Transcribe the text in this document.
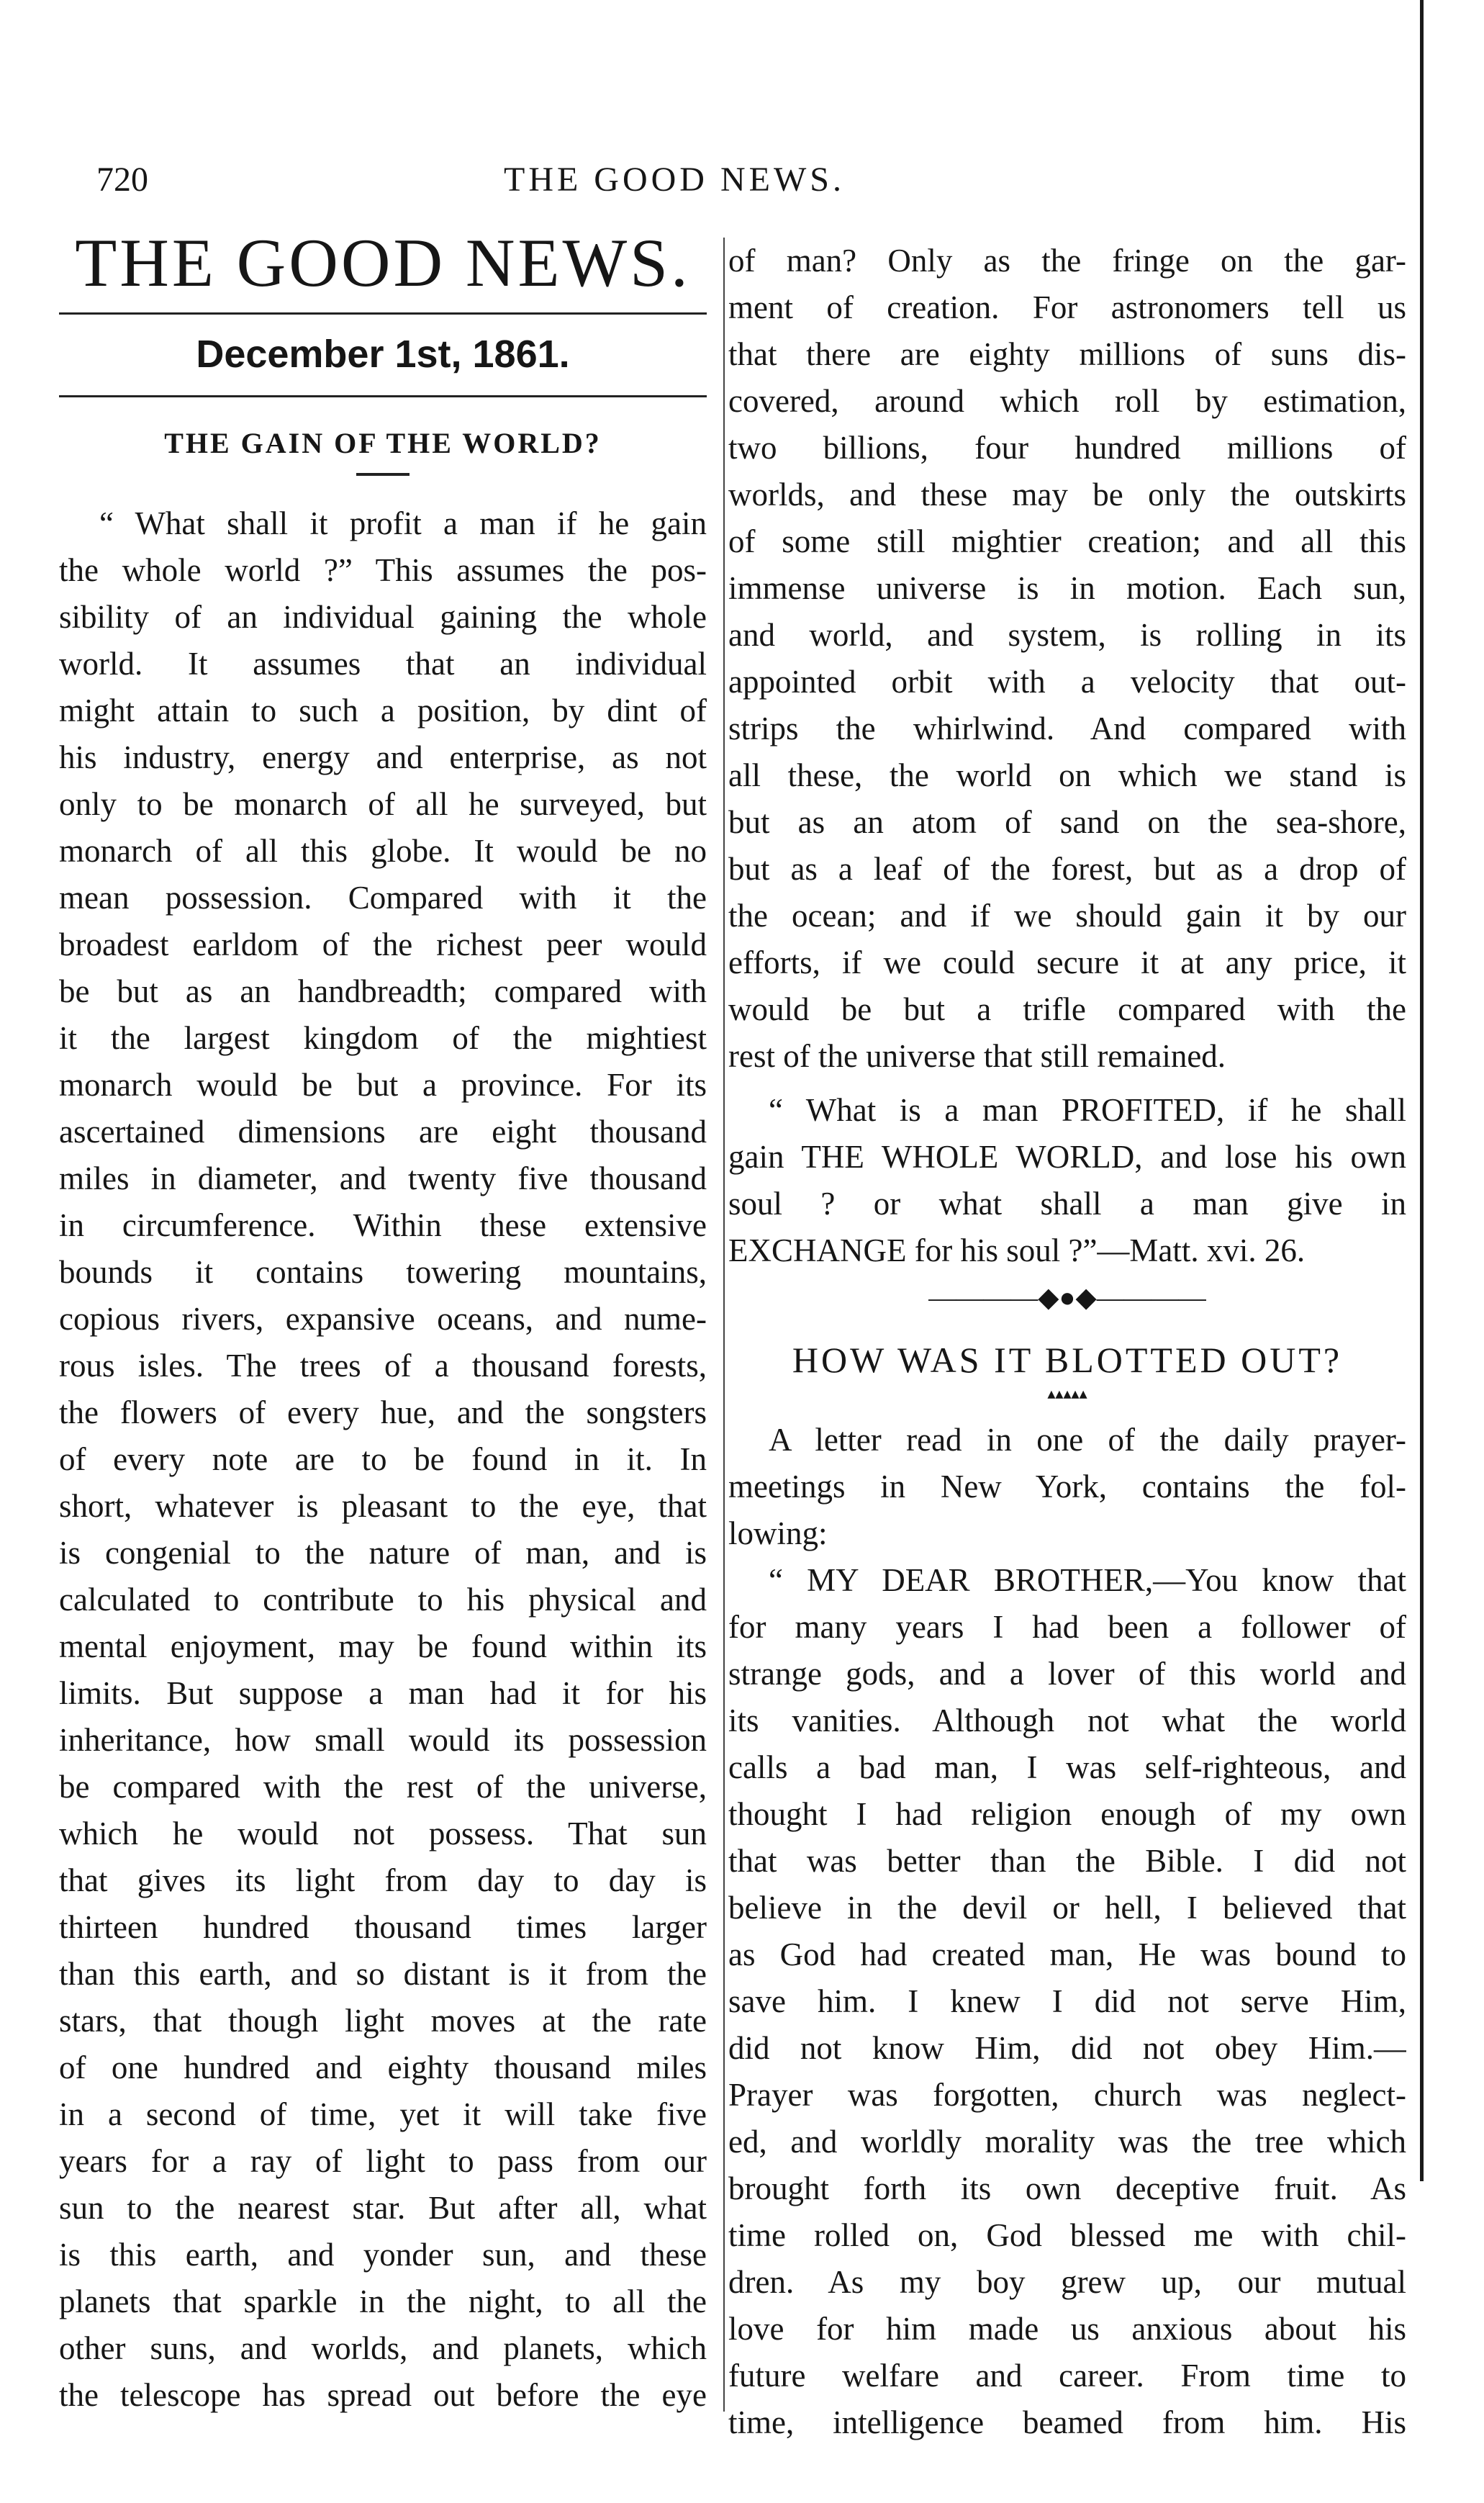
720	THE GOOD NEWS.
THE GOOD NEWS.
December 1st, 1861.
THE GAIN OF THE WORLD?
“ What shall it profit a man if he gain
the whole world ?” This assumes the pos-
sibility of an individual gaining the whole
world. It assumes that an individual
might attain to such a position, by dint of
his industry, energy and enterprise, as not
only to be monarch of all he surveyed, but
monarch of all this globe. It would be no
mean possession. Compared with it the
broadest earldom of the richest peer would
be but as an handbreadth; compared with
it the largest kingdom of the mightiest
monarch would be but a province. For its
ascertained dimensions are eight thousand
miles in diameter, and twenty five thousand
in circumference. Within these extensive
bounds it contains towering mountains,
copious rivers, expansive oceans, and nume-
rous isles. The trees of a thousand forests,
the flowers of every hue, and the songsters
of every note are to be found in it. In
short, whatever is pleasant to the eye, that
is congenial to the nature of man, and is
calculated to contribute to his physical and
mental enjoyment, may be found within its
limits. But suppose a man had it for his
inheritance, how small would its possession
be compared with the rest of the universe,
which he would not possess. That sun
that gives its light from day to day is
thirteen hundred thousand times larger
than this earth, and so distant is it from the
stars, that though light moves at the rate
of one hundred and eighty thousand miles
in a second of time, yet it will take five
years for a ray of light to pass from our
sun to the nearest star. But after all, what
is this earth, and yonder sun, and these
planets that sparkle in the night, to all the
other suns, and worlds, and planets, which
the telescope has spread out before the eye
of man? Only as the fringe on the gar-
ment of creation. For astronomers tell us
that there are eighty millions of suns dis-
covered, around which roll by estimation,
two billions, four hundred millions of
worlds, and these may be only the outskirts
of some still mightier creation; and all this
immense universe is in motion. Each sun,
and world, and system, is rolling in its
appointed orbit with a velocity that out-
strips the whirlwind. And compared with
all these, the world on which we stand is
but as an atom of sand on the sea-shore,
but as a leaf of the forest, but as a drop of
the ocean; and if we should gain it by our
efforts, if we could secure it at any price, it
would be but a trifle compared with the
rest of the universe that still remained.
“ What is a man PROFITED, if he shall
gain THE WHOLE WORLD, and lose his own
soul ? or what shall a man give in
EXCHANGE for his soul ?”—Matt. xvi. 26.
————◆●◆————
HOW WAS IT BLOTTED OUT?
▴▴▴▴▴
A letter read in one of the daily prayer-
meetings in New York, contains the fol-
lowing:
“ MY DEAR BROTHER,—You know that
for many years I had been a follower of
strange gods, and a lover of this world and
its vanities. Although not what the world
calls a bad man, I was self-righteous, and
thought I had religion enough of my own
that was better than the Bible. I did not
believe in the devil or hell, I believed that
as God had created man, He was bound to
save him. I knew I did not serve Him,
did not know Him, did not obey Him.—
Prayer was forgotten, church was neglect-
ed, and worldly morality was the tree which
brought forth its own deceptive fruit. As
time rolled on, God blessed me with chil-
dren. As my boy grew up, our mutual
love for him made us anxious about his
future welfare and career. From time to
time, intelligence beamed from him. His
